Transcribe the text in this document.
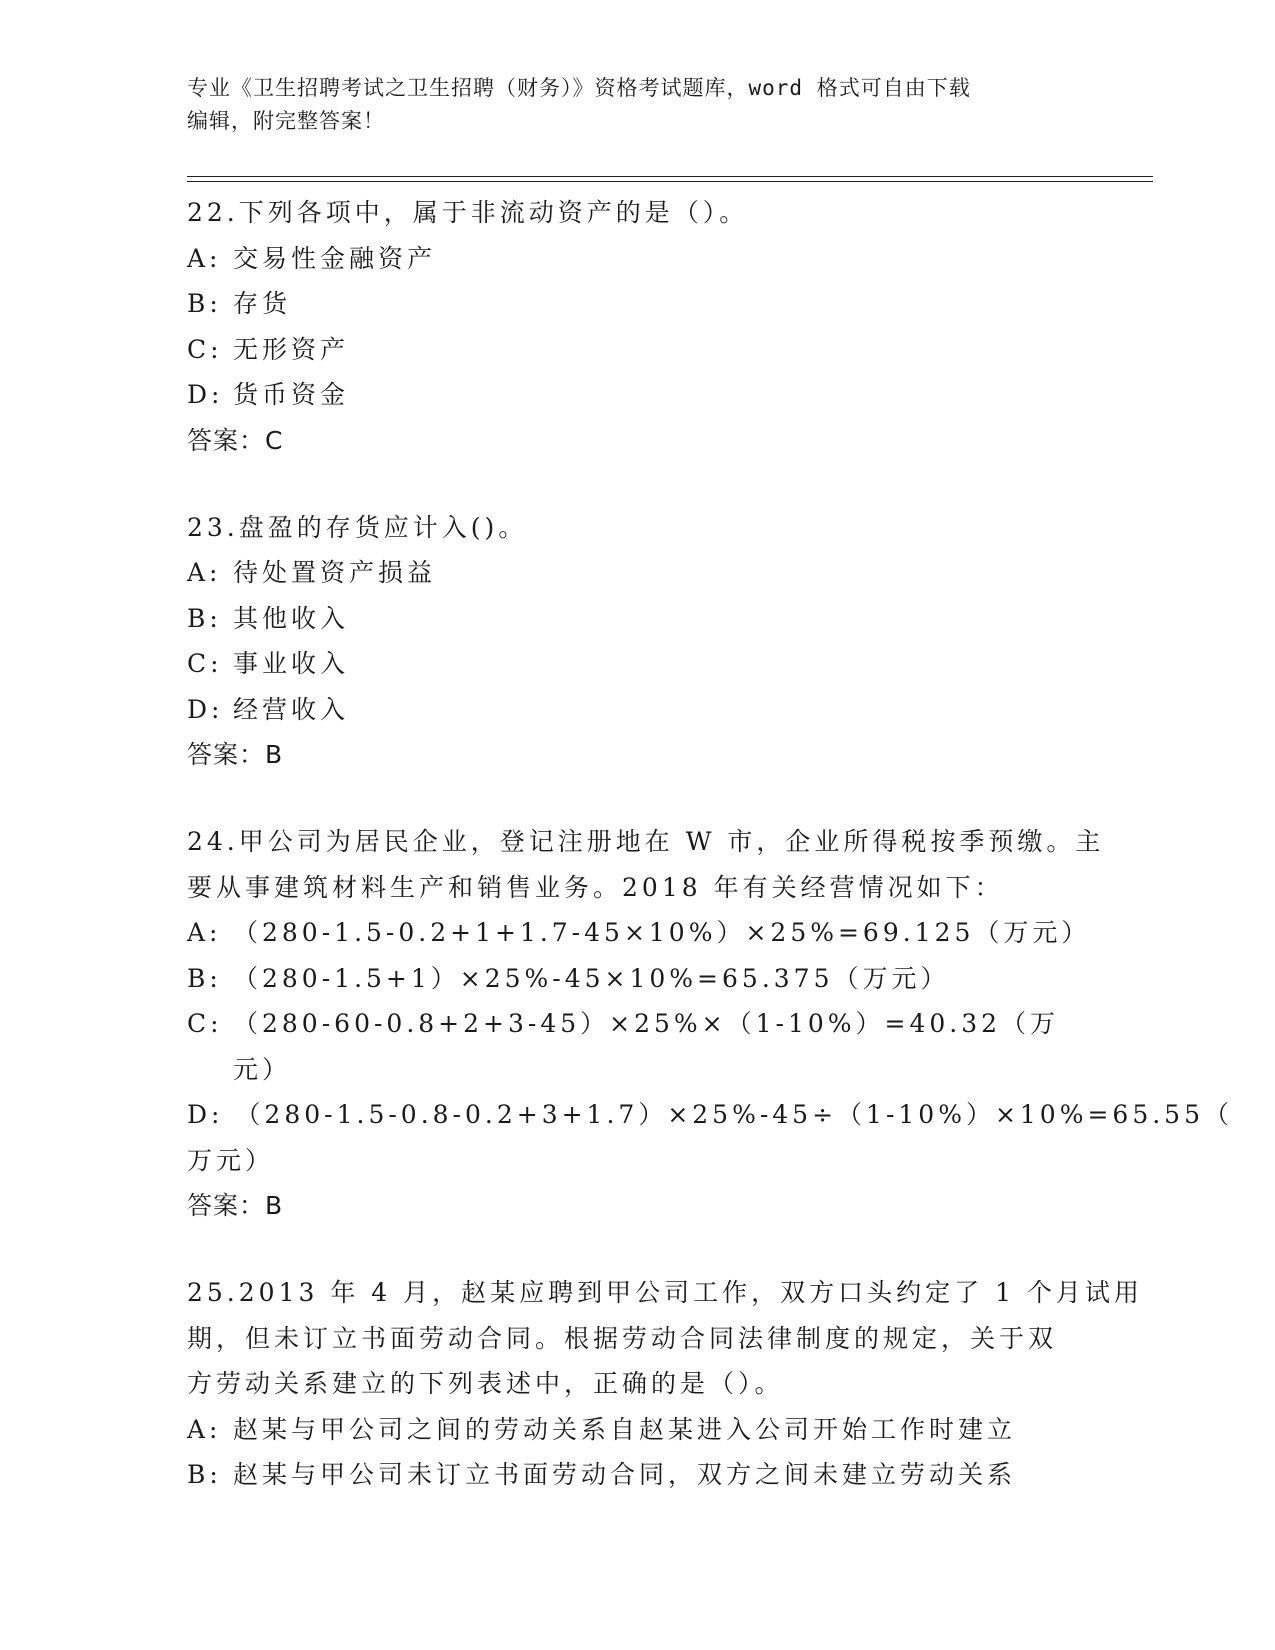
专业《卫生招聘考试之卫生招聘（财务）》资格考试题库，word 格式可自由下载
编辑，附完整答案！
22.下列各项中，属于非流动资产的是（）。
A: 交易性金融资产
B: 存货
C: 无形资产
D: 货币资金
答案：C
23.盘盈的存货应计入()。
A: 待处置资产损益
B: 其他收入
C: 事业收入
D: 经营收入
答案：B
24.甲公司为居民企业，登记注册地在 W 市，企业所得税按季预缴。主
要从事建筑材料生产和销售业务。2018 年有关经营情况如下：
A: （280-1.5-0.2+1+1.7-45×10%）×25%=69.125（万元）
B: （280-1.5+1）×25%-45×10%=65.375（万元）
C: （280-60-0.8+2+3-45）×25%×（1-10%）=40.32（万元）
D: （280-1.5-0.8-0.2+3+1.7）×25%-45÷（1-10%）×10%=65.55（
万元）
答案：B
25.2013 年 4 月，赵某应聘到甲公司工作，双方口头约定了 1 个月试用
期，但未订立书面劳动合同。根据劳动合同法律制度的规定，关于双
方劳动关系建立的下列表述中，正确的是（）。
A: 赵某与甲公司之间的劳动关系自赵某进入公司开始工作时建立
B: 赵某与甲公司未订立书面劳动合同，双方之间未建立劳动关系
